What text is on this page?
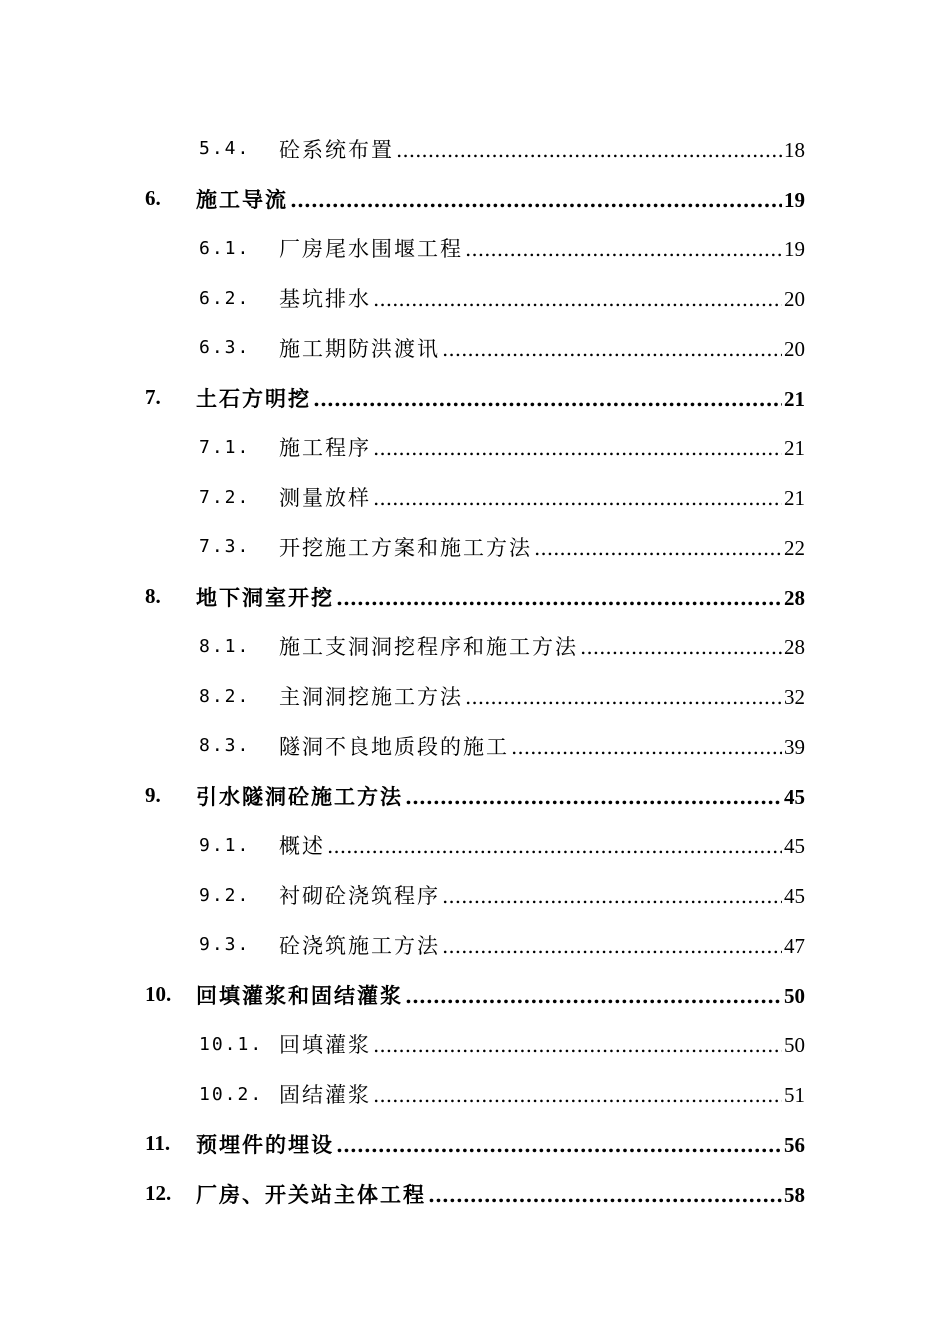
5.4. 砼系统布置 .....	18
6. 施工导流 .....	19
6.1. 厂房尾水围堰工程 .....	19
6.2. 基坑排水 .....	20
6.3. 施工期防洪渡讯 .....	20
7. 土石方明挖 .....	21
7.1. 施工程序 .....	21
7.2. 测量放样 .....	21
7.3. 开挖施工方案和施工方法 .....	22
8. 地下洞室开挖 .....	28
8.1. 施工支洞洞挖程序和施工方法 .....	28
8.2. 主洞洞挖施工方法 .....	32
8.3. 隧洞不良地质段的施工 .....	39
9. 引水隧洞砼施工方法 .....	45
9.1. 概述 .....	45
9.2. 衬砌砼浇筑程序 .....	45
9.3. 砼浇筑施工方法 .....	47
10. 回填灌浆和固结灌浆 .....	50
10.1. 回填灌浆 .....	50
10.2. 固结灌浆 .....	51
11. 预埋件的埋设 .....	56
12. 厂房、开关站主体工程 .....	58
